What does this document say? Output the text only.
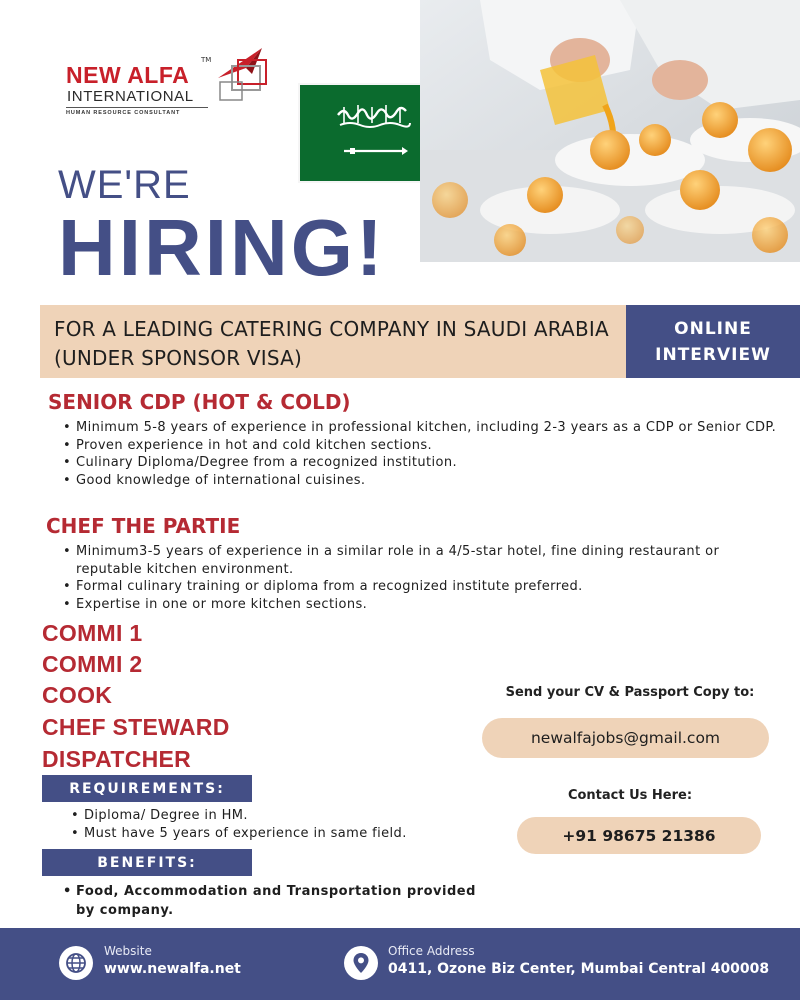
NEW ALFA
TM
INTERNATIONAL
HUMAN RESOURCE CONSULTANT
WE'RE
HIRING!
FOR A LEADING CATERING COMPANY IN SAUDI ARABIA (UNDER SPONSOR VISA)
ONLINE INTERVIEW
SENIOR CDP (HOT & COLD)
• Minimum 5-8 years of experience in professional kitchen, including 2-3 years as a CDP or Senior CDP.
• Proven experience in hot and cold kitchen sections.
• Culinary Diploma/Degree from a recognized institution.
• Good knowledge of international cuisines.
CHEF THE PARTIE
• Minimum3-5 years of experience in a similar role in a 4/5-star hotel, fine dining restaurant or reputable kitchen environment.
• Formal culinary training or diploma from a recognized institute preferred.
• Expertise in one or more kitchen sections.
COMMI 1
COMMI 2
COOK
CHEF STEWARD
DISPATCHER
REQUIREMENTS:
• Diploma/ Degree in HM.
• Must have 5 years of experience in same field.
BENEFITS:
• Food, Accommodation and Transportation provided by company.
Send your CV & Passport Copy to:
newalfajobs@gmail.com
Contact Us Here:
+91 98675 21386
Website
www.newalfa.net
Office Address
0411, Ozone Biz Center, Mumbai Central 400008
